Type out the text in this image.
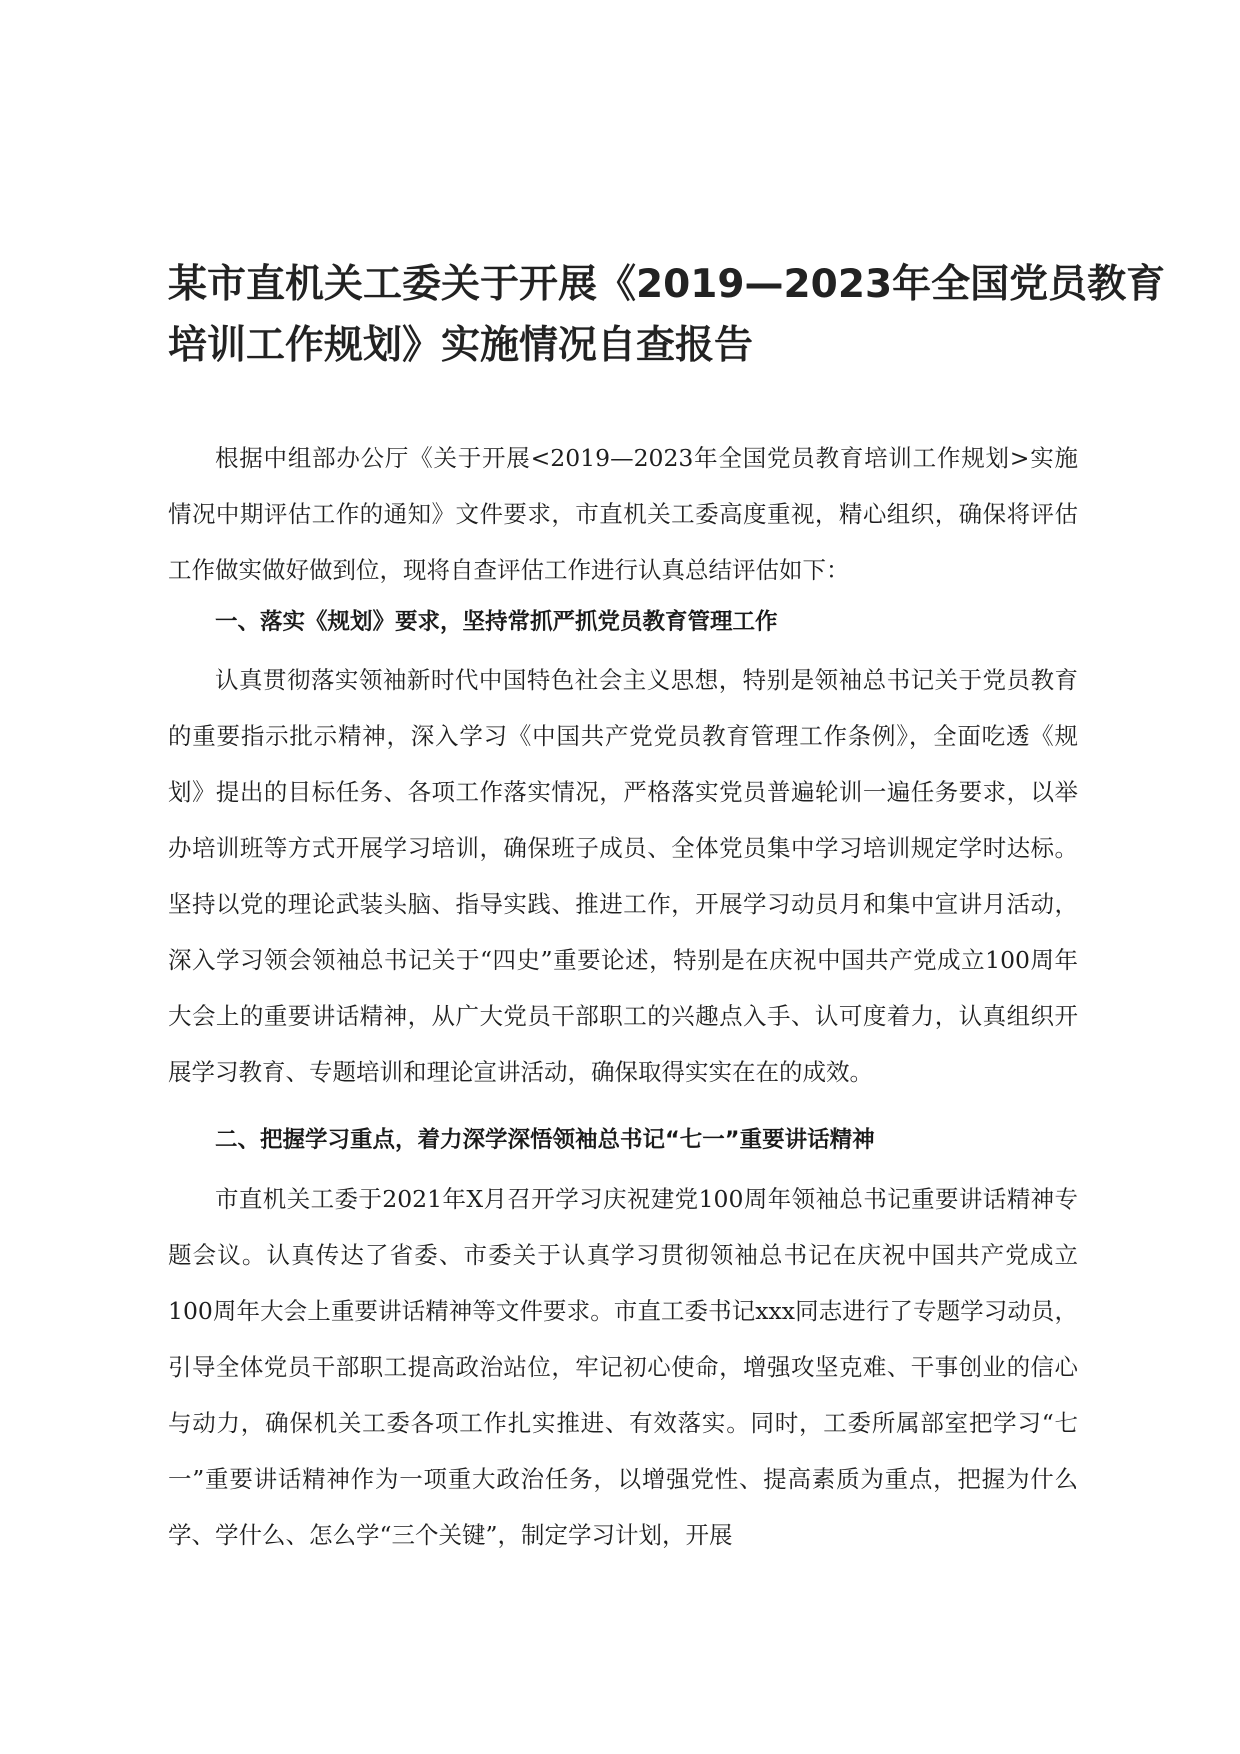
某市直机关工委关于开展《2019—2023年全国党员教育
培训工作规划》实施情况自查报告

根据中组部办公厅《关于开展<2019—2023年全国党员教育培训工作规划>实施情况中期评估工作的通知》文件要求，市直机关工委高度重视，精心组织，确保将评估工作做实做好做到位，现将自查评估工作进行认真总结评估如下：

一、落实《规划》要求，坚持常抓严抓党员教育管理工作

认真贯彻落实领袖新时代中国特色社会主义思想，特别是领袖总书记关于党员教育的重要指示批示精神，深入学习《中国共产党党员教育管理工作条例》，全面吃透《规划》提出的目标任务、各项工作落实情况，严格落实党员普遍轮训一遍任务要求，以举办培训班等方式开展学习培训，确保班子成员、全体党员集中学习培训规定学时达标。坚持以党的理论武装头脑、指导实践、推进工作，开展学习动员月和集中宣讲月活动，深入学习领会领袖总书记关于“四史”重要论述，特别是在庆祝中国共产党成立100周年大会上的重要讲话精神，从广大党员干部职工的兴趣点入手、认可度着力，认真组织开展学习教育、专题培训和理论宣讲活动，确保取得实实在在的成效。

二、把握学习重点，着力深学深悟领袖总书记“七一”重要讲话精神

市直机关工委于2021年X月召开学习庆祝建党100周年领袖总书记重要讲话精神专题会议。认真传达了省委、市委关于认真学习贯彻领袖总书记在庆祝中国共产党成立100周年大会上重要讲话精神等文件要求。市直工委书记xxx同志进行了专题学习动员，引导全体党员干部职工提高政治站位，牢记初心使命，增强攻坚克难、干事创业的信心与动力，确保机关工委各项工作扎实推进、有效落实。同时，工委所属部室把学习“七一”重要讲话精神作为一项重大政治任务，以增强党性、提高素质为重点，把握为什么学、学什么、怎么学“三个关键”，制定学习计划，开展
